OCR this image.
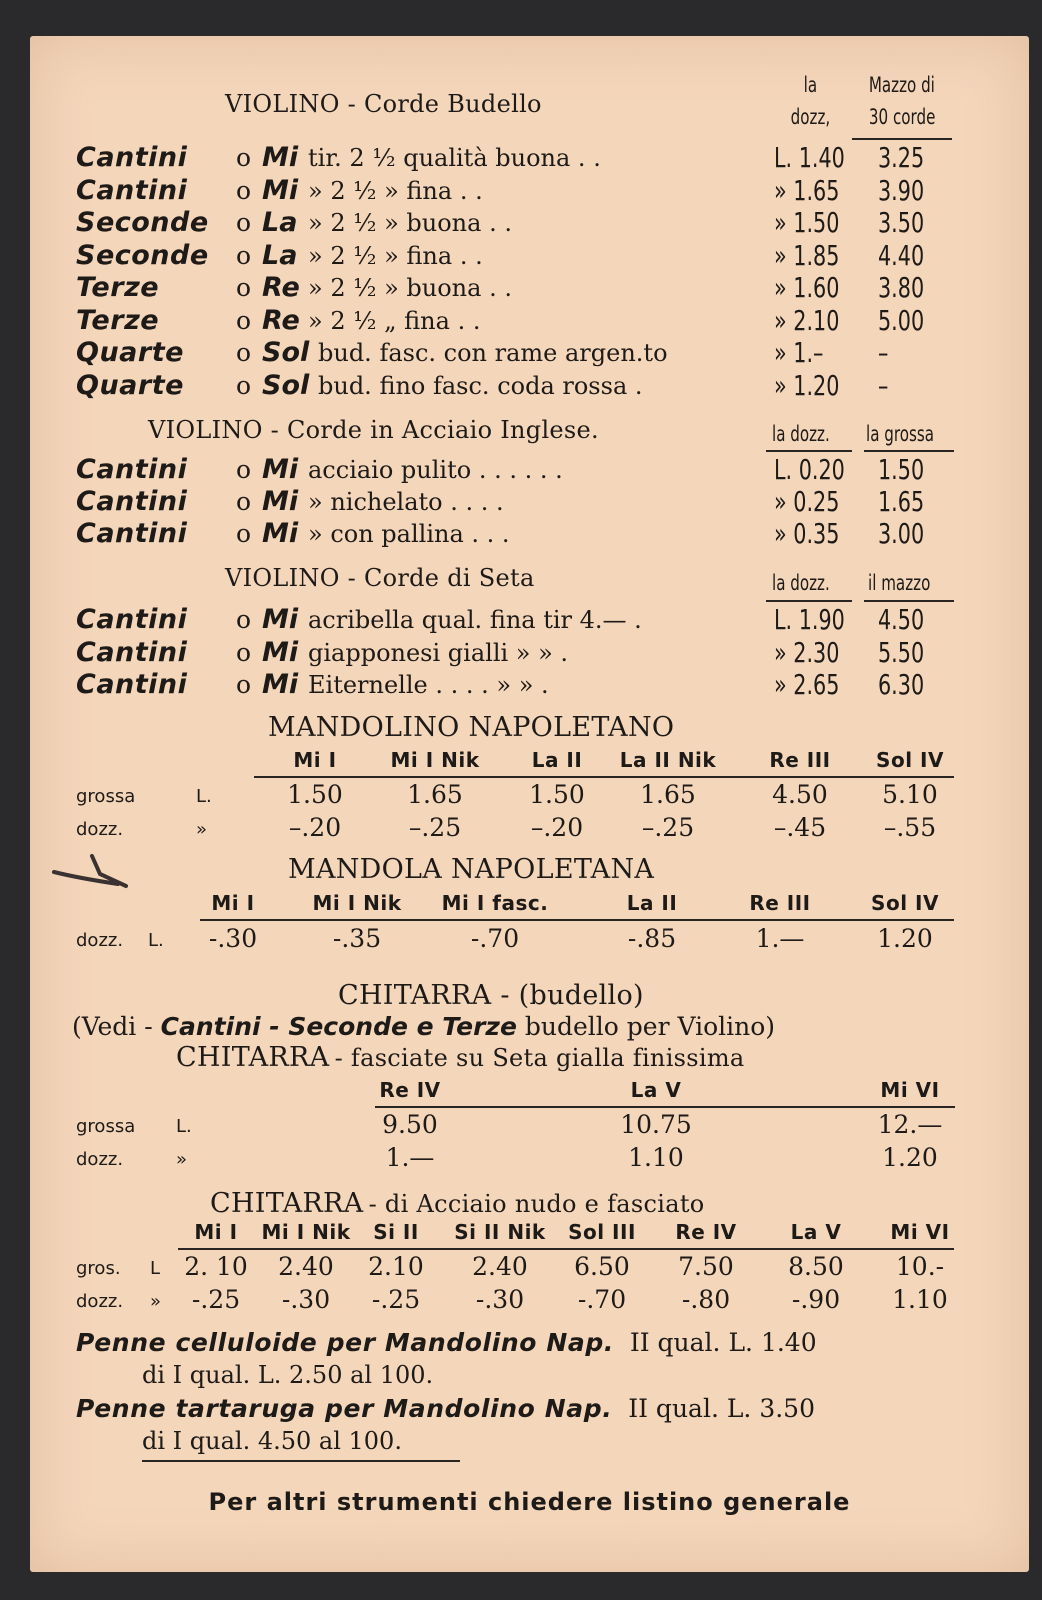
VIOLINO - Corde Budello
la
dozz,
Mazzo di
30 corde
Cantini o Mi tir. 2 ½ qualità buona . .	L. 1.40	3.25
Cantini o Mi » 2 ½ » fina . .	» 1.65	3.90
Seconde o La » 2 ½ » buona . .	» 1.50	3.50
Seconde o La » 2 ½ » fina . .	» 1.85	4.40
Terze	o Re » 2 ½ » buona . .	» 1.60	3.80
Terze	o Re » 2 ½ „ fina . .	» 2.10	5.00
Quarte o Sol bud. fasc. con rame argen.to	» 1.–	–
Quarte o Sol bud. fino fasc. coda rossa .	» 1.20	–
VIOLINO - Corde in Acciaio Inglese.	la dozz.	la grossa
Cantini o Mi acciaio pulito . . . . . .	L. 0.20	1.50
Cantini o Mi » nichelato . . . .	» 0.25	1.65
Cantini o Mi » con pallina . . .	» 0.35	3.00
VIOLINO - Corde di Seta	la dozz.	il mazzo
Cantini o Mi acribella qual. fina tir 4.— .	L. 1.90	4.50
Cantini o Mi giapponesi gialli » » .	» 2.30	5.50
Cantini o Mi Eiternelle . . . . » » .	» 2.65	6.30
MANDOLINO NAPOLETANO
Mi I	Mi I Nik	La II	La II Nik	Re III	Sol IV
grossa	L.	1.50	1.65	1.50	1.65	4.50	5.10
dozz.	»	–.20	–.25	–.20	–.25	–.45	–.55
MANDOLA NAPOLETANA
Mi I	Mi I Nik	Mi I fasc.	La II	Re III	Sol IV
dozz. L.	-.30	-.35	-.70	-.85	1.—	1.20
CHITARRA - (budello)
(Vedi - Cantini - Seconde e Terze budello per Violino)
CHITARRA - fasciate su Seta gialla finissima
Re IV	La V	Mi VI
grossa L.	9.50	10.75	12.—
dozz.	»	1.—	1.10	1.20
CHITARRA - di Acciaio nudo e fasciato
Mi I	Mi I Nik	Si II	Si II Nik	Sol III	Re IV	La V	Mi VI
gros. L 2. 10	2.40	2.10	2.40	6.50	7.50	8.50	10.-
dozz. »	-.25	-.30	-.25	-.30	-.70	-.80	-.90	1.10
Penne celluloide per Mandolino Nap.  II qual. L. 1.40
di I qual. L. 2.50 al 100.
Penne tartaruga per Mandolino Nap.  II qual. L. 3.50
di I qual. 4.50 al 100.
Per altri strumenti chiedere listino generale
